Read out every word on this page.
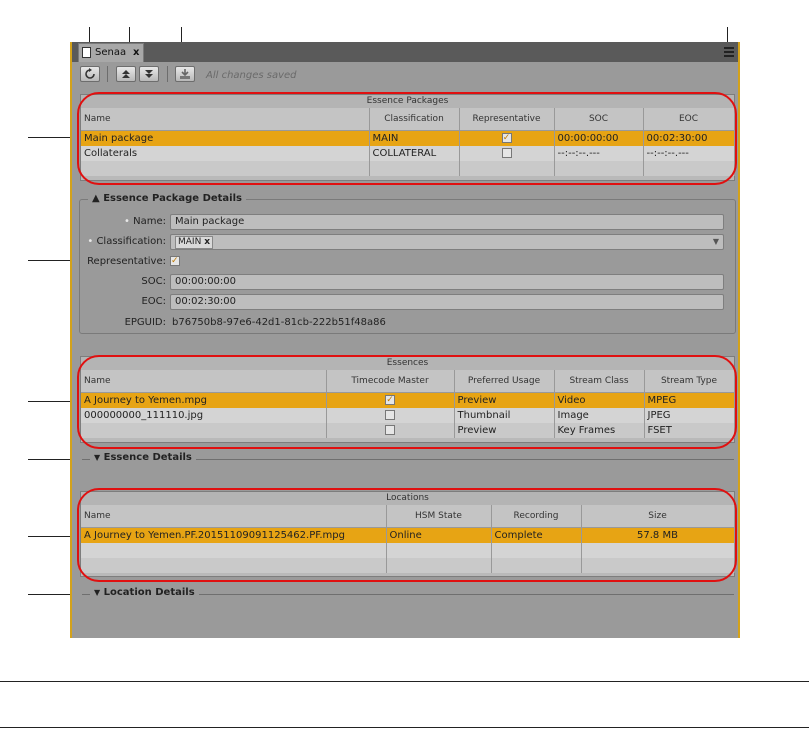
Senaa x
All changes saved
Essence Packages
Name	Classification	Representative	SOC	EOC
Main package	MAIN	✓	00:00:00:00	00:02:30:00
Collaterals	COLLATERAL		--:--:--.---	--:--:--.---

▲ Essence Package Details
• Name: Main package
• Classification:	MAIN x	▼
Representative: ✓
SOC: 00:00:00:00
EOC: 00:02:30:00
EPGUID: b76750b8-97e6-42d1-81cb-222b51f48a86
Essences
Name	Timecode Master	Preferred Usage	Stream Class	Stream Type
A Journey to Yemen.mpg	✓	Preview	Video	MPEG
000000000_111110.jpg		Thumbnail	Image	JPEG
		Preview	Key Frames	FSET
▼ Essence Details
Locations
Name	HSM State	Recording	Size
A Journey to Yemen.PF.20151109091125462.PF.mpg	Online	Complete	57.8 MB

▼ Location Details
